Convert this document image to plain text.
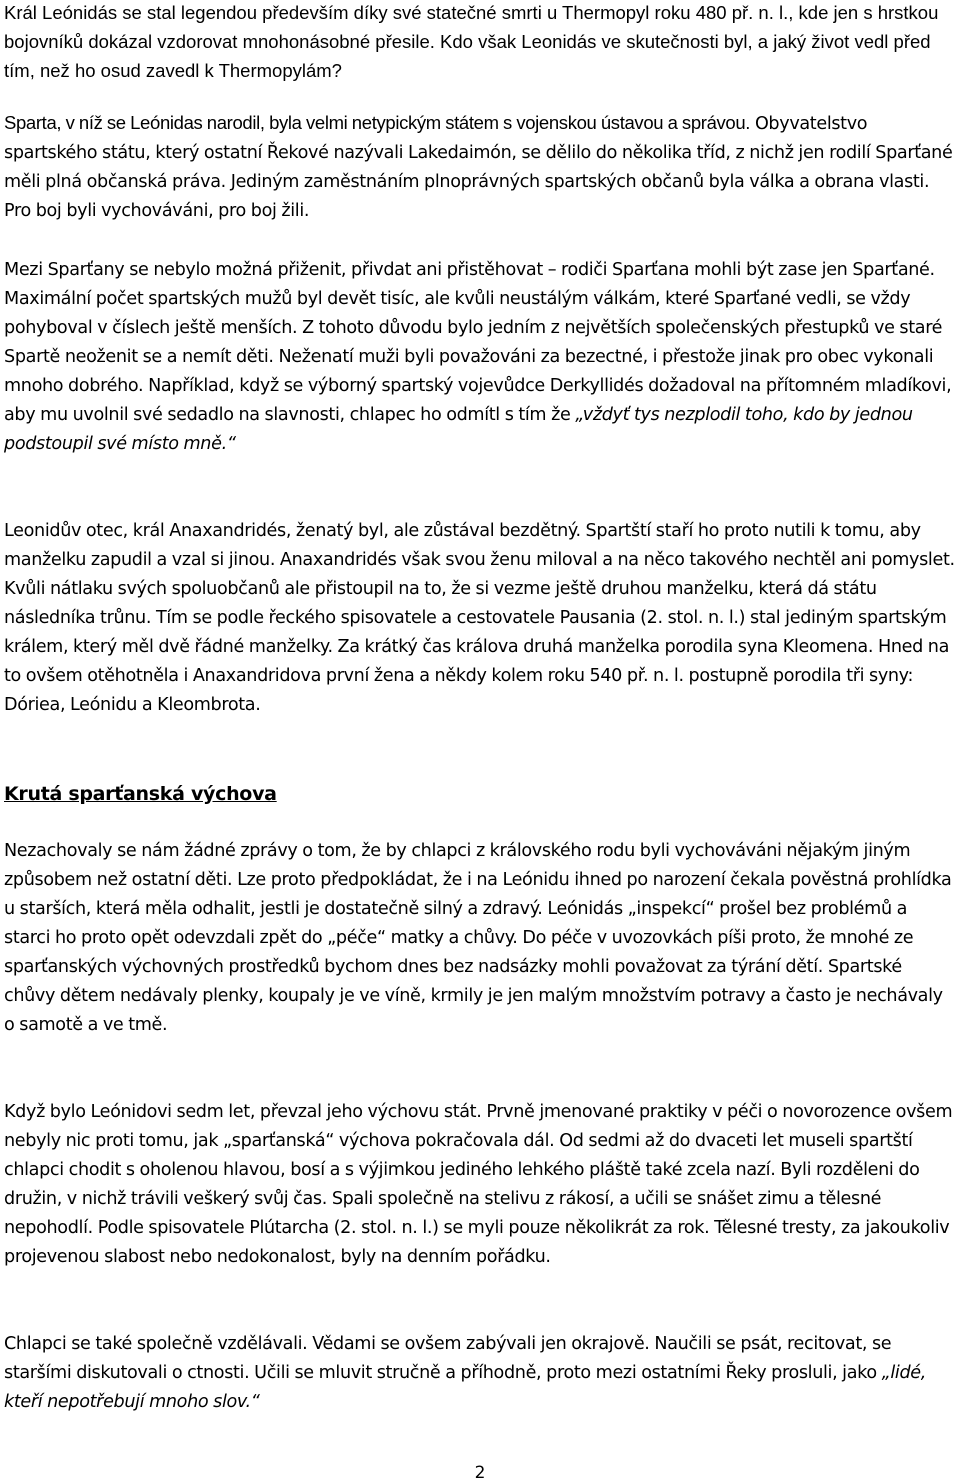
Král Leónidás se stal legendou především díky své statečné smrti u Thermopyl roku 480 př. n. l., kde jen s hrstkou bojovníků dokázal vzdorovat mnohonásobné přesile. Kdo však Leonidás ve skutečnosti byl, a jaký život vedl před tím, než ho osud zavedl k Thermopylám?

Sparta, v níž se Leónidas narodil, byla velmi netypickým státem s vojenskou ústavou a správou. Obyvatelstvo spartského státu, který ostatní Řekové nazývali Lakedaimón, se dělilo do několika tříd, z nichž jen rodilí Sparťané měli plná občanská práva. Jediným zaměstnáním plnoprávných spartských občanů byla válka a obrana vlasti. Pro boj byli vychováváni, pro boj žili.

Mezi Sparťany se nebylo možná přiženit, přivdat ani přistěhovat – rodiči Sparťana mohli být zase jen Sparťané. Maximální počet spartských mužů byl devět tisíc, ale kvůli neustálým válkám, které Sparťané vedli, se vždy pohyboval v číslech ještě menších. Z tohoto důvodu bylo jedním z největších společenských přestupků ve staré Spartě neoženit se a nemít děti. Neženatí muži byli považováni za bezectné, i přestože jinak pro obec vykonali mnoho dobrého. Například, když se výborný spartský vojevůdce Derkyllidés dožadoval na přítomném mladíkovi, aby mu uvolnil své sedadlo na slavnosti, chlapec ho odmítl s tím že „vždyť tys nezplodil toho, kdo by jednou podstoupil své místo mně.“

Leonidův otec, král Anaxandridés, ženatý byl, ale zůstával bezdětný. Spartští staří ho proto nutili k tomu, aby manželku zapudil a vzal si jinou. Anaxandridés však svou ženu miloval a na něco takového nechtěl ani pomyslet. Kvůli nátlaku svých spoluobčanů ale přistoupil na to, že si vezme ještě druhou manželku, která dá státu následníka trůnu. Tím se podle řeckého spisovatele a cestovatele Pausania (2. stol. n. l.) stal jediným spartským králem, který měl dvě řádné manželky. Za krátký čas králova druhá manželka porodila syna Kleomena. Hned na to ovšem otěhotněla i Anaxandridova první žena a někdy kolem roku 540 př. n. l. postupně porodila tři syny: Dóriea, Leónidu a Kleombrota.

Krutá sparťanská výchova

Nezachovaly se nám žádné zprávy o tom, že by chlapci z královského rodu byli vychováváni nějakým jiným způsobem než ostatní děti. Lze proto předpokládat, že i na Leónidu ihned po narození čekala pověstná prohlídka u starších, která měla odhalit, jestli je dostatečně silný a zdravý. Leónidás „inspekcí“ prošel bez problémů a starci ho proto opět odevzdali zpět do „péče“ matky a chůvy. Do péče v uvozovkách píši proto, že mnohé ze sparťanských výchovných prostředků bychom dnes bez nadsázky mohli považovat za týrání dětí. Spartské chůvy dětem nedávaly plenky, koupaly je ve víně, krmily je jen malým množstvím potravy a často je nechávaly o samotě a ve tmě.

Když bylo Leónidovi sedm let, převzal jeho výchovu stát. Prvně jmenované praktiky v péči o novorozence ovšem nebyly nic proti tomu, jak „sparťanská“ výchova pokračovala dál. Od sedmi až do dvaceti let museli spartští chlapci chodit s oholenou hlavou, bosí a s výjimkou jediného lehkého pláště také zcela nazí. Byli rozděleni do družin, v nichž trávili veškerý svůj čas. Spali společně na stelivu z rákosí, a učili se snášet zimu a tělesné nepohodlí. Podle spisovatele Plútarcha (2. stol. n. l.) se myli pouze několikrát za rok. Tělesné tresty, za jakoukoliv projevenou slabost nebo nedokonalost, byly na denním pořádku.

Chlapci se také společně vzdělávali. Vědami se ovšem zabývali jen okrajově. Naučili se psát, recitovat, se staršími diskutovali o ctnosti. Učili se mluvit stručně a příhodně, proto mezi ostatními Řeky prosluli, jako „lidé, kteří nepotřebují mnoho slov.“

2
